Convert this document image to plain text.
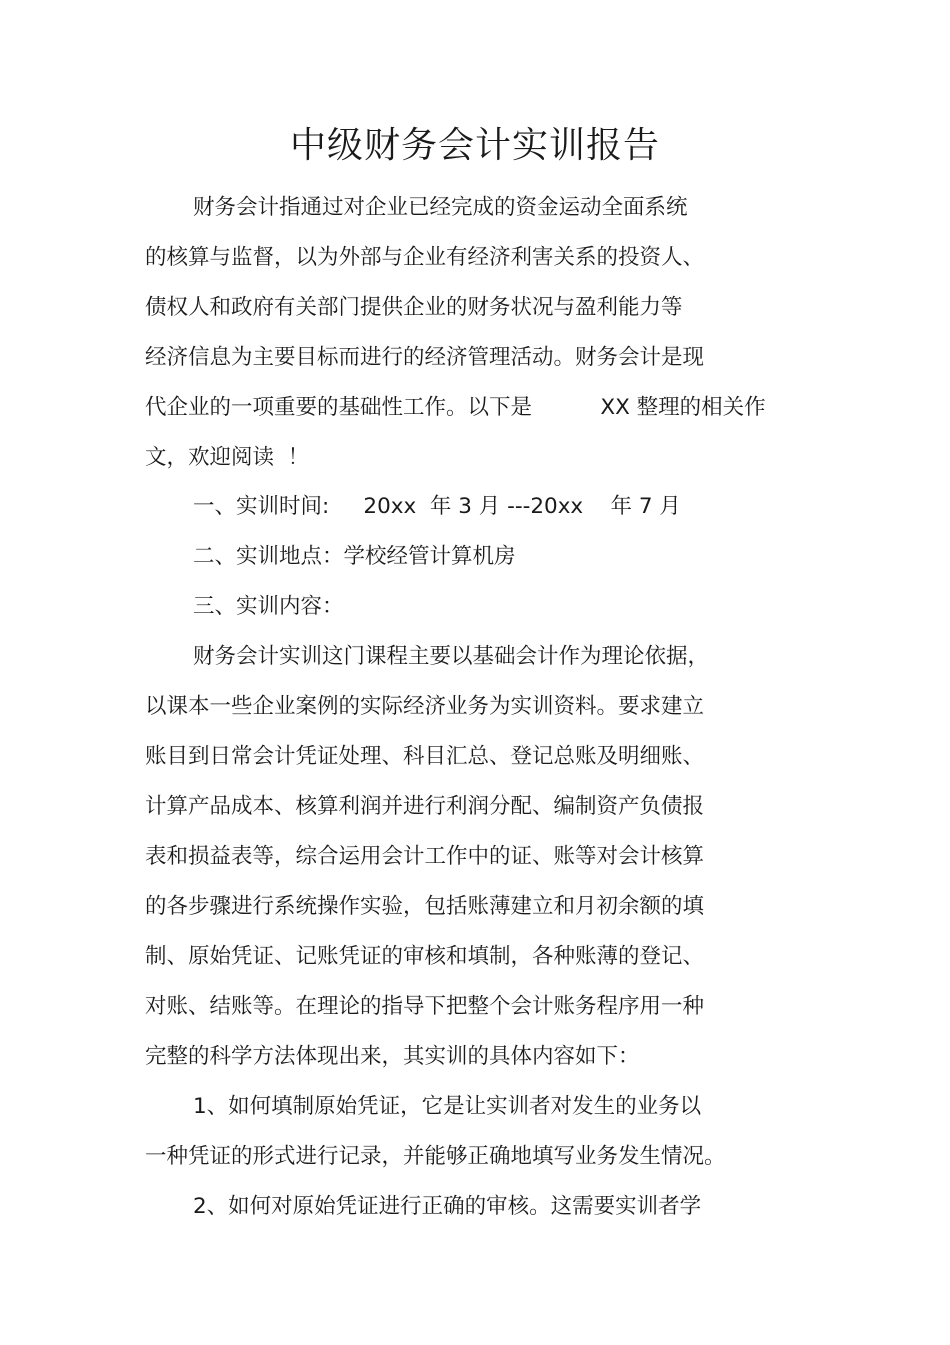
中级财务会计实训报告
财务会计指通过对企业已经完成的资金运动全面系统
的核算与监督，以为外部与企业有经济利害关系的投资人、
债权人和政府有关部门提供企业的财务状况与盈利能力等
经济信息为主要目标而进行的经济管理活动。财务会计是现
代企业的一项重要的基础性工作。以下是          XX 整理的相关作
文，欢迎阅读  ！
一、实训时间:     20xx  年 3 月 ---20xx    年 7 月
二、实训地点：学校经管计算机房
三、实训内容：
财务会计实训这门课程主要以基础会计作为理论依据，
以课本一些企业案例的实际经济业务为实训资料。要求建立
账目到日常会计凭证处理、科目汇总、登记总账及明细账、
计算产品成本、核算利润并进行利润分配、编制资产负债报
表和损益表等，综合运用会计工作中的证、账等对会计核算
的各步骤进行系统操作实验，包括账薄建立和月初余额的填
制、原始凭证、记账凭证的审核和填制，各种账薄的登记、
对账、结账等。在理论的指导下把整个会计账务程序用一种
完整的科学方法体现出来，其实训的具体内容如下：
1、如何填制原始凭证，它是让实训者对发生的业务以
一种凭证的形式进行记录，并能够正确地填写业务发生情况。
2、如何对原始凭证进行正确的审核。这需要实训者学
